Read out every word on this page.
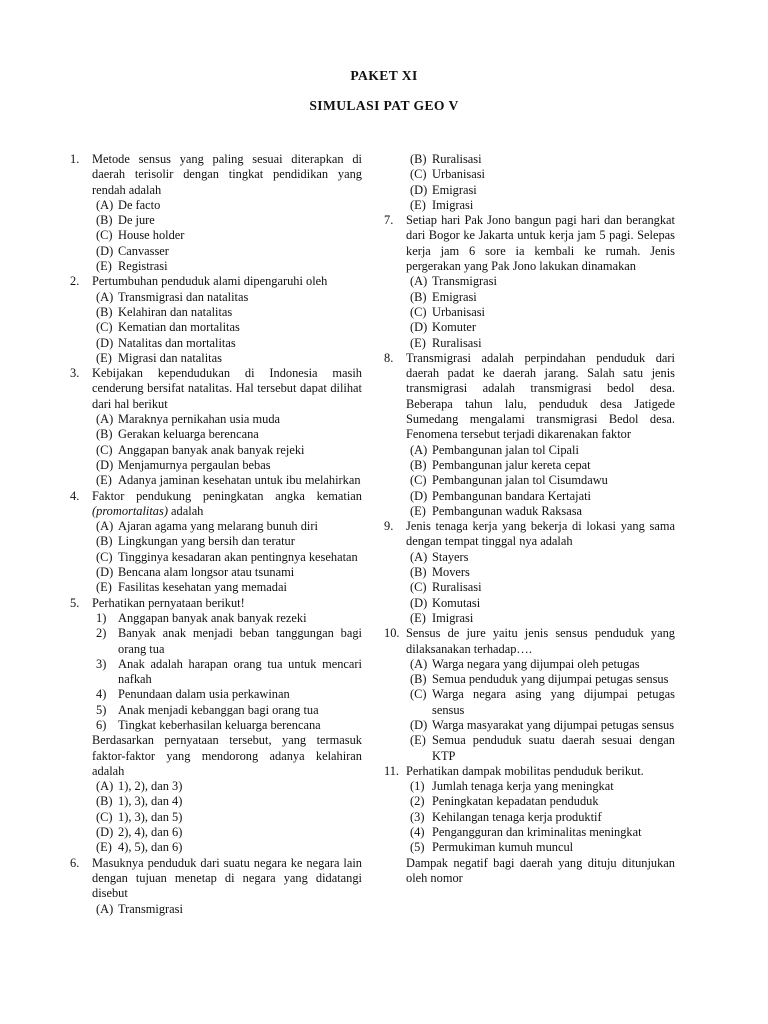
PAKET XI
SIMULASI PAT GEO V
1. Metode sensus yang paling sesuai diterapkan di daerah terisolir dengan tingkat pendidikan yang rendah adalah
(A) De facto
(B) De jure
(C) House holder
(D) Canvasser
(E) Registrasi
2. Pertumbuhan penduduk alami dipengaruhi oleh
(A) Transmigrasi dan natalitas
(B) Kelahiran dan natalitas
(C) Kematian dan mortalitas
(D) Natalitas dan mortalitas
(E) Migrasi dan natalitas
3. Kebijakan kependudukan di Indonesia masih cenderung bersifat natalitas. Hal tersebut dapat dilihat dari hal berikut
(A) Maraknya pernikahan usia muda
(B) Gerakan keluarga berencana
(C) Anggapan banyak anak banyak rejeki
(D) Menjamurnya pergaulan bebas
(E) Adanya jaminan kesehatan untuk ibu melahirkan
4. Faktor pendukung peningkatan angka kematian (promortalitas) adalah
(A) Ajaran agama yang melarang bunuh diri
(B) Lingkungan yang bersih dan teratur
(C) Tingginya kesadaran akan pentingnya kesehatan
(D) Bencana alam longsor atau tsunami
(E) Fasilitas kesehatan yang memadai
5. Perhatikan pernyataan berikut!
1) Anggapan banyak anak banyak rezeki
2) Banyak anak menjadi beban tanggungan bagi orang tua
3) Anak adalah harapan orang tua untuk mencari nafkah
4) Penundaan dalam usia perkawinan
5) Anak menjadi kebanggan bagi orang tua
6) Tingkat keberhasilan keluarga berencana
Berdasarkan pernyataan tersebut, yang termasuk faktor-faktor yang mendorong adanya kelahiran adalah
(A) 1), 2), dan 3)
(B) 1), 3), dan 4)
(C) 1), 3), dan 5)
(D) 2), 4), dan 6)
(E) 4), 5), dan 6)
6. Masuknya penduduk dari suatu negara ke negara lain dengan tujuan menetap di negara yang didatangi disebut
(A) Transmigrasi
(B) Ruralisasi
(C) Urbanisasi
(D) Emigrasi
(E) Imigrasi
7. Setiap hari Pak Jono bangun pagi hari dan berangkat dari Bogor ke Jakarta untuk kerja jam 5 pagi. Selepas kerja jam 6 sore ia kembali ke rumah. Jenis pergerakan yang Pak Jono lakukan dinamakan
(A) Transmigrasi
(B) Emigrasi
(C) Urbanisasi
(D) Komuter
(E) Ruralisasi
8. Transmigrasi adalah perpindahan penduduk dari daerah padat ke daerah jarang. Salah satu jenis transmigrasi adalah transmigrasi bedol desa. Beberapa tahun lalu, penduduk desa Jatigede Sumedang mengalami transmigrasi Bedol desa. Fenomena tersebut terjadi dikarenakan faktor
(A) Pembangunan jalan tol Cipali
(B) Pembangunan jalur kereta cepat
(C) Pembangunan jalan tol Cisumdawu
(D) Pembangunan bandara Kertajati
(E) Pembangunan waduk Raksasa
9. Jenis tenaga kerja yang bekerja di lokasi yang sama dengan tempat tinggal nya adalah
(A) Stayers
(B) Movers
(C) Ruralisasi
(D) Komutasi
(E) Imigrasi
10. Sensus de jure yaitu jenis sensus penduduk yang dilaksanakan terhadap….
(A) Warga negara yang dijumpai oleh petugas
(B) Semua penduduk yang dijumpai petugas sensus
(C) Warga negara asing yang dijumpai petugas sensus
(D) Warga masyarakat yang dijumpai petugas sensus
(E) Semua penduduk suatu daerah sesuai dengan KTP
11. Perhatikan dampak mobilitas penduduk berikut.
(1) Jumlah tenaga kerja yang meningkat
(2) Peningkatan kepadatan penduduk
(3) Kehilangan tenaga kerja produktif
(4) Pengangguran dan kriminalitas meningkat
(5) Permukiman kumuh muncul
Dampak negatif bagi daerah yang dituju ditunjukan oleh nomor
